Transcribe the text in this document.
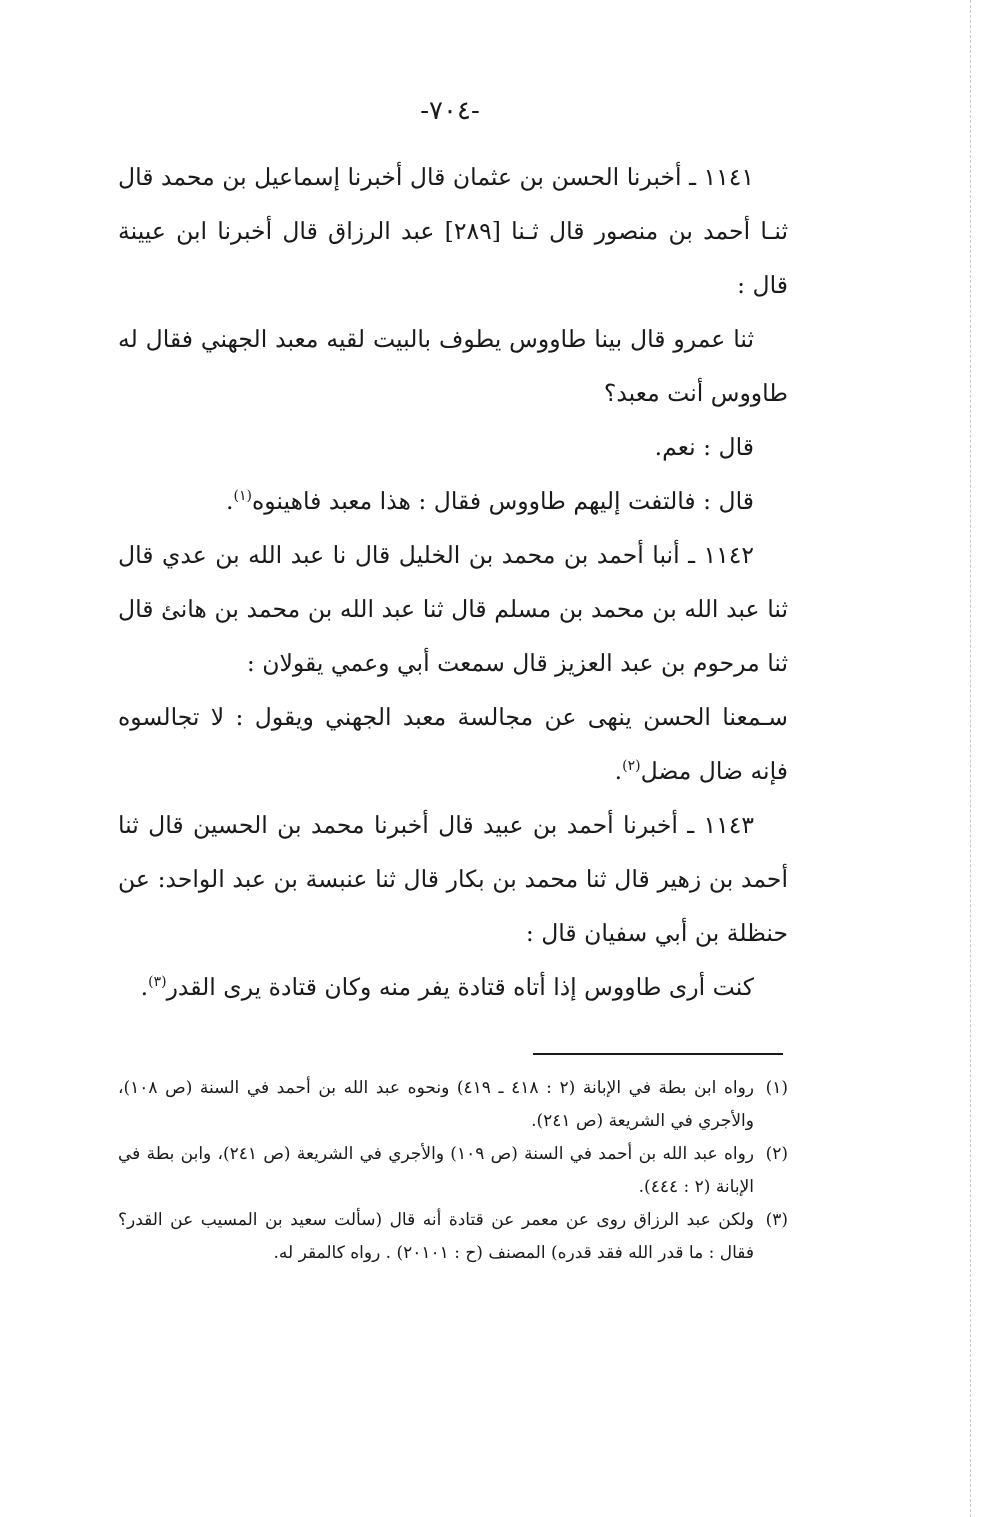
-٧٠٤-

١١٤١ ـ أخبرنا الحسن بن عثمان قال أخبرنا إسماعيل بن محمد قال ثنـا أحمد بن منصور قال ثـنا [٢٨٩] عبد الرزاق قال أخبرنا ابن عيينة قال :

ثنا عمرو قال بينا طاووس يطوف بالبيت لقيه معبد الجهني فقال له طاووس أنت معبد؟

قال : نعم.

قال : فالتفت إليهم طاووس فقال : هذا معبد فاهينوه$^{(١)}$.

١١٤٢ ـ أنبا أحمد بن محمد بن الخليل قال نا عبد الله بن عدي قال ثنا عبد الله بن محمد بن مسلم قال ثنا عبد الله بن محمد بن هانئ قال ثنا مرحوم بن عبد العزيز قال سمعت أبي وعمي يقولان :

سـمعنا الحسن ينهى عن مجالسة معبد الجهني ويقول : لا تجالسوه فإنه ضال مضل$^{(٢)}$.

١١٤٣ ـ أخبرنا أحمد بن عبيد قال أخبرنا محمد بن الحسين قال ثنا أحمد بن زهير قال ثنا محمد بن بكار قال ثنا عنبسة بن عبد الواحد: عن حنظلة بن أبي سفيان قال :

كنت أرى طاووس إذا أتاه قتادة يفر منه وكان قتادة يرى القدر$^{(٣)}$.

(١)
رواه ابن بطة في الإبانة (٢ : ٤١٨ ـ ٤١٩) ونحوه عبد الله بن أحمد في السنة (ص ١٠٨)، والأجري في الشريعة (ص ٢٤١).
(٢)
رواه عبد الله بن أحمد في السنة (ص ١٠٩) والأجري في الشريعة (ص ٢٤١)، وابن بطة في الإبانة (٢ : ٤٤٤).
(٣)
ولكن عبد الرزاق روى عن معمر عن قتادة أنه قال (سألت سعيد بن المسيب عن القدر؟ فقال : ما قدر الله فقد قدره) المصنف (ح : ٢٠١٠١) . رواه كالمقر له.
